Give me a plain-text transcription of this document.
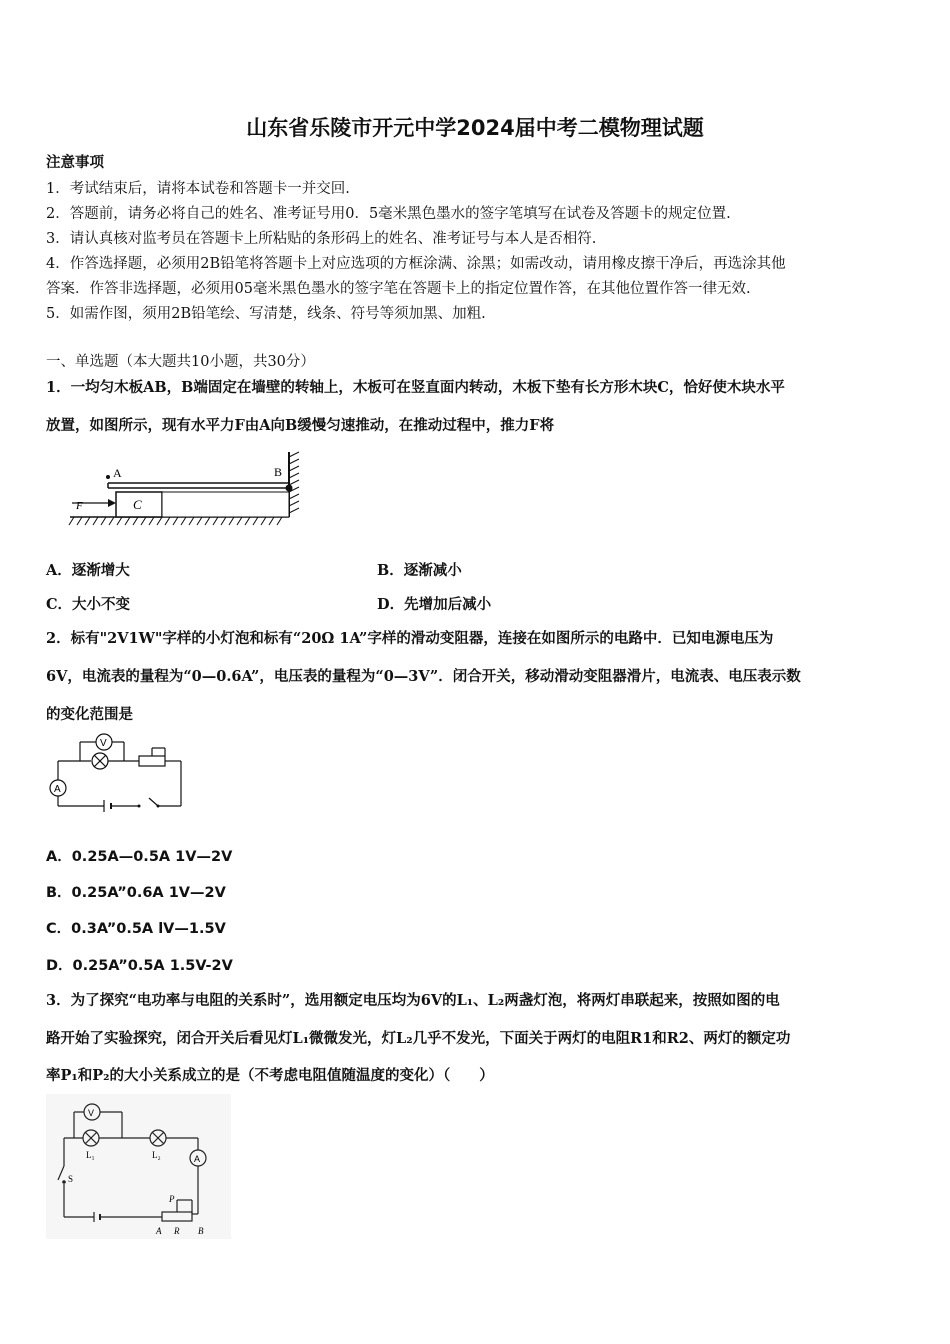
山东省乐陵市开元中学2024届中考二模物理试题
注意事项
1．考试结束后，请将本试卷和答题卡一并交回.
2．答题前，请务必将自己的姓名、准考证号用0．5毫米黑色墨水的签字笔填写在试卷及答题卡的规定位置.
3．请认真核对监考员在答题卡上所粘贴的条形码上的姓名、准考证号与本人是否相符.
4．作答选择题，必须用2B铅笔将答题卡上对应选项的方框涂满、涂黑；如需改动，请用橡皮擦干净后，再选涂其他
答案．作答非选择题，必须用05毫米黑色墨水的签字笔在答题卡上的指定位置作答，在其他位置作答一律无效.
5．如需作图，须用2B铅笔绘、写清楚，线条、符号等须加黑、加粗.
一、单选题（本大题共10小题，共30分）
1．一均匀木板AB，B端固定在墙壁的转轴上，木板可在竖直面内转动，木板下垫有长方形木块C，恰好使木块水平
放置，如图所示，现有水平力F由A向B缓慢匀速推动，在推动过程中，推力F将
A	B
C
F
A．逐渐增大	B．逐渐减小
C．大小不变	D．先增加后减小
2．标有"2V1W"字样的小灯泡和标有“20Ω 1A”字样的滑动变阻器，连接在如图所示的电路中．已知电源电压为
6V，电流表的量程为“0—0.6A”，电压表的量程为“0—3V”．闭合开关，移动滑动变阻器滑片，电流表、电压表示数
的变化范围是
V
A
A．0.25A—0.5A 1V—2V
B．0.25A”0.6A 1V—2V
C．0.3A”0.5A lV—1.5V
D．0.25A”0.5A 1.5V-2V
3．为了探究“电功率与电阻的关系时”，选用额定电压均为6V的L₁、L₂两盏灯泡，将两灯串联起来，按照如图的电
路开始了实验探究，闭合开关后看见灯L₁微微发光，灯L₂几乎不发光，下面关于两灯的电阻R1和R2、两灯的额定功
率P₁和P₂的大小关系成立的是（不考虑电阻值随温度的变化）（　　）
V
A
L₁	L₂
S
P
A R B
